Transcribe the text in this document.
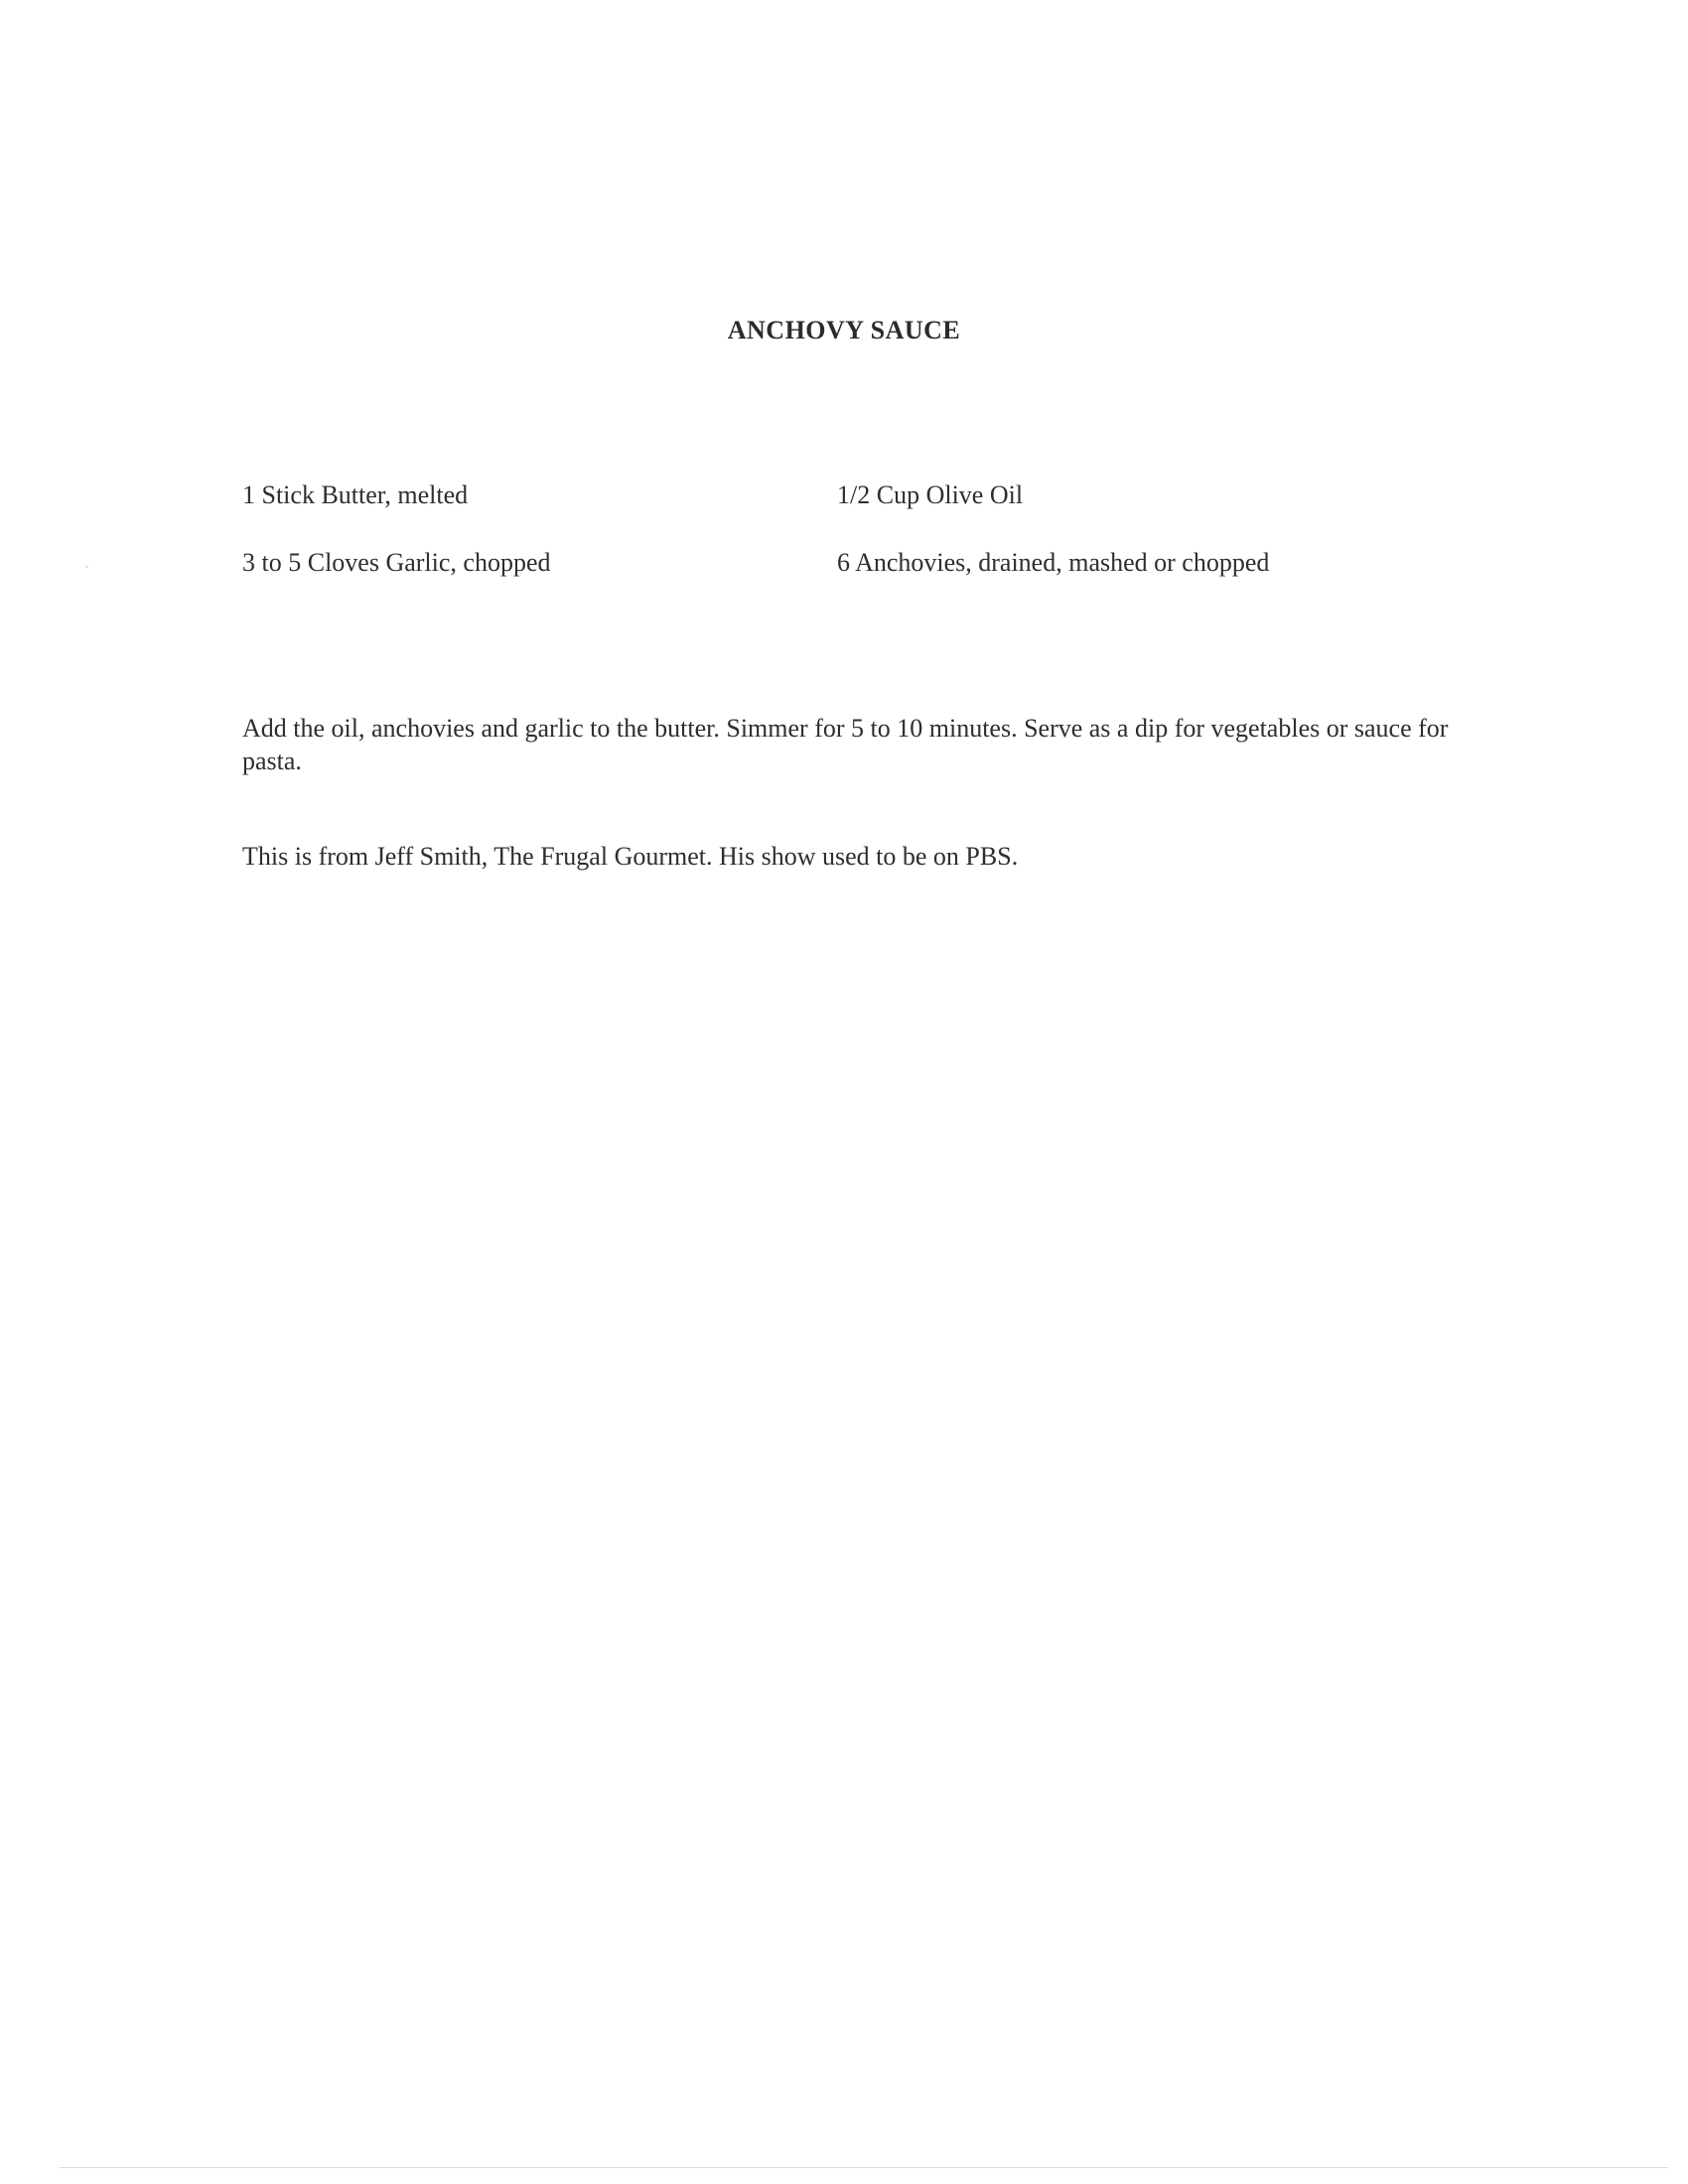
ANCHOVY SAUCE
1 Stick Butter, melted	1/2 Cup Olive Oil
3 to 5 Cloves Garlic, chopped	6 Anchovies, drained, mashed or chopped
Add the oil, anchovies and garlic to the butter. Simmer for 5 to 10 minutes. Serve as a dip for vegetables or sauce for pasta.
This is from Jeff Smith, The Frugal Gourmet. His show used to be on PBS.
